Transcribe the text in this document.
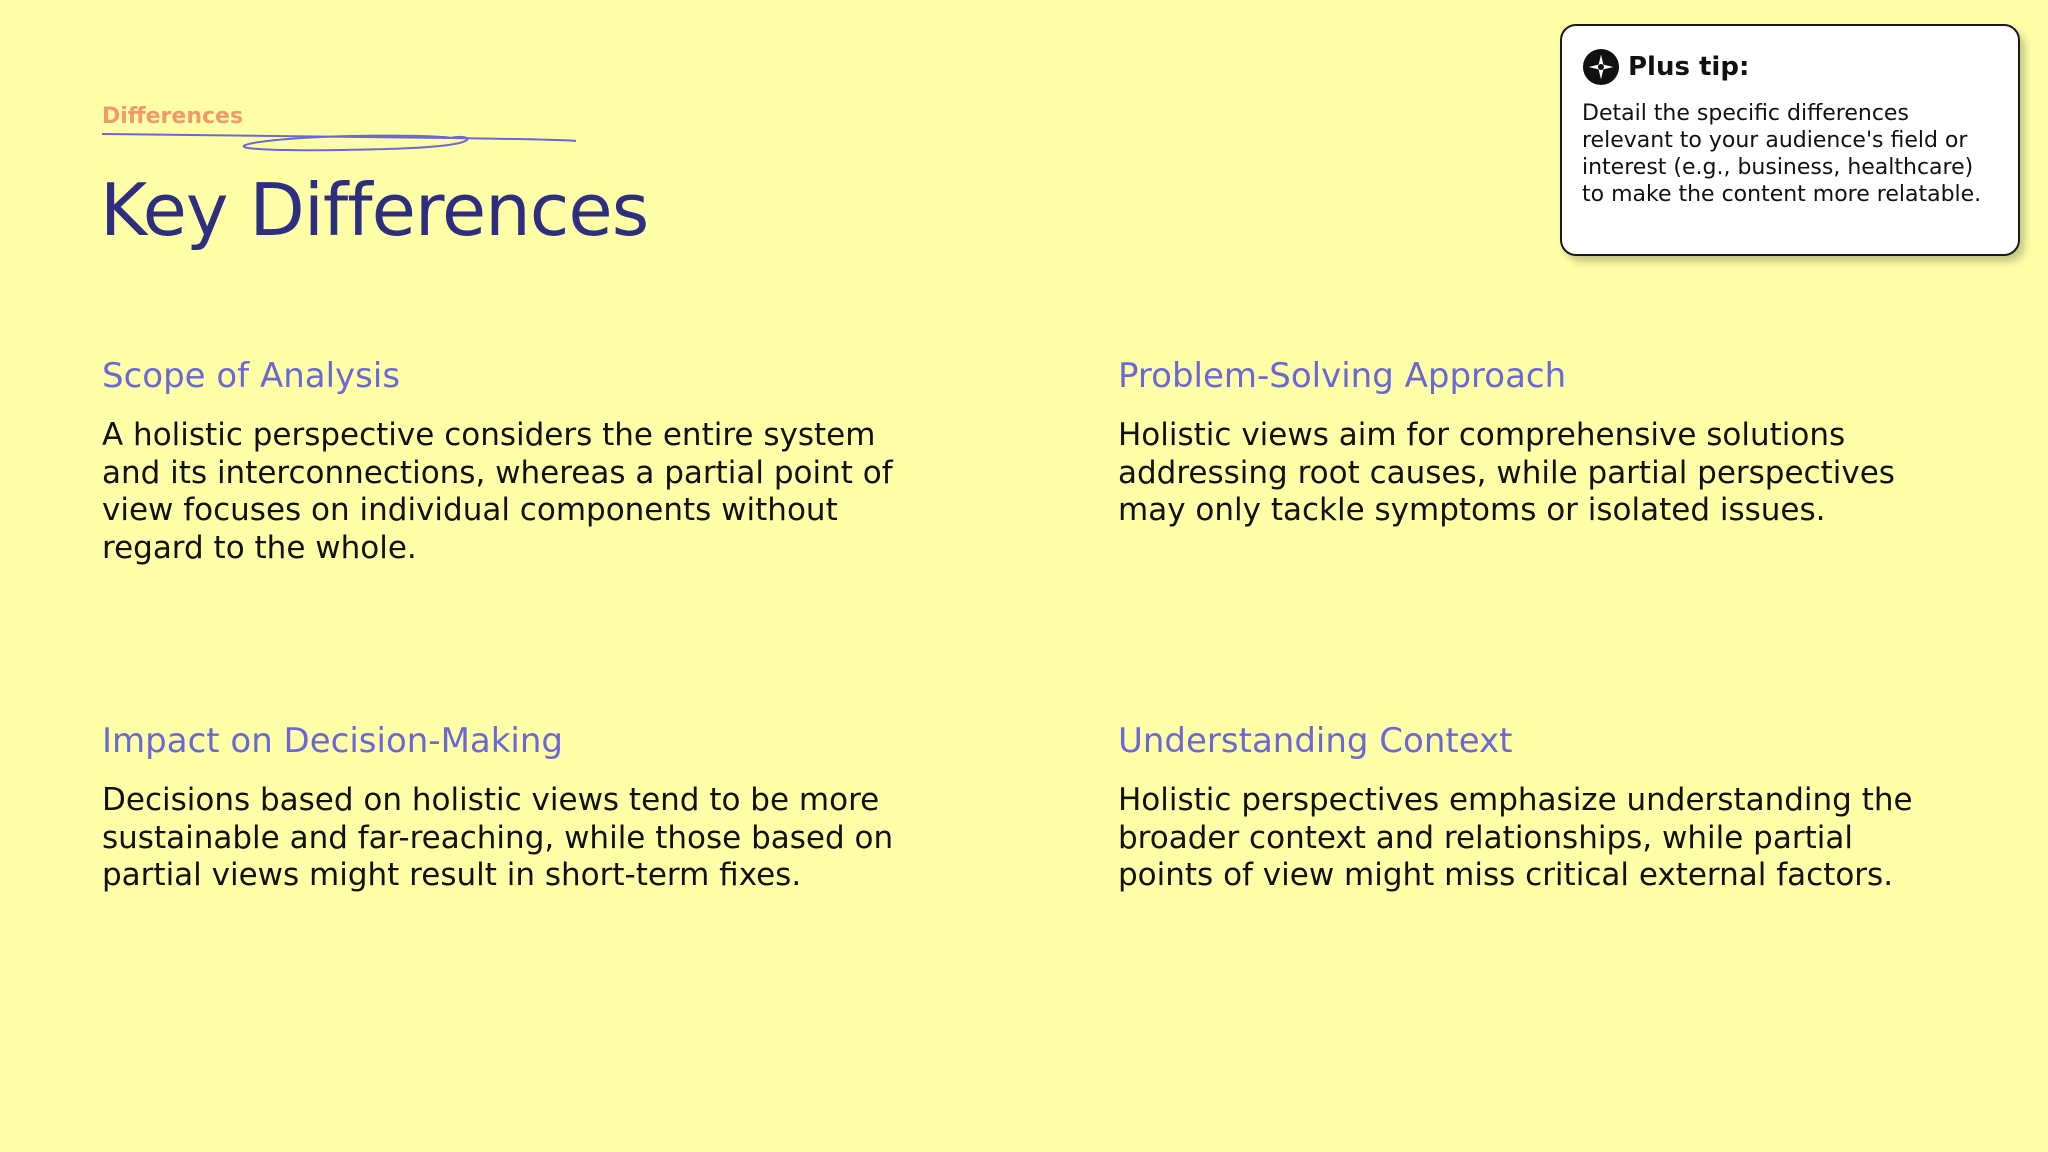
Differences
Key Differences
Scope of Analysis
A holistic perspective considers the entire system and its interconnections, whereas a partial point of view focuses on individual components without regard to the whole.
Problem-Solving Approach
Holistic views aim for comprehensive solutions addressing root causes, while partial perspectives may only tackle symptoms or isolated issues.
Impact on Decision-Making
Decisions based on holistic views tend to be more sustainable and far-reaching, while those based on partial views might result in short-term fixes.
Understanding Context
Holistic perspectives emphasize understanding the broader context and relationships, while partial points of view might miss critical external factors.
Plus tip:
Detail the specific differences relevant to your audience's field or interest (e.g., business, healthcare) to make the content more relatable.
